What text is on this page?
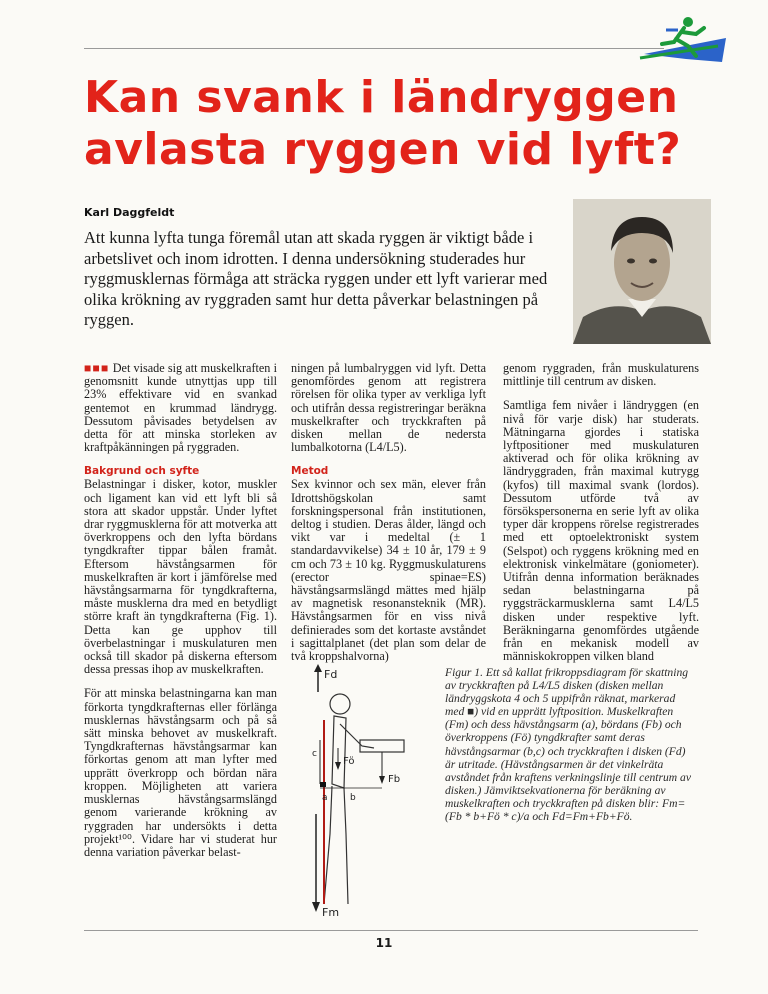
Kan svank i ländryggen
avlasta ryggen vid lyft?
Karl Daggfeldt
Att kunna lyfta tunga föremål utan att skada ryggen är viktigt både i arbetslivet och inom idrotten. I denna undersökning studerades hur ryggmusklernas förmåga att sträcka ryggen under ett lyft varierar med olika krökning av ryggraden samt hur detta påverkar belastningen på ryggen.

■■■ Det visade sig att muskelkraften i genomsnitt kunde utnyttjas upp till 23% effektivare vid en svankad gentemot en krummad ländrygg. Dessutom påvisades betydelsen av detta för att minska storleken av kraftpåkänningen på ryggraden.

Bakgrund och syfte

Belastningar i disker, kotor, muskler och ligament kan vid ett lyft bli så stora att skador uppstår. Under lyftet drar ryggmusklerna för att motverka att överkroppens och den lyfta bördans tyngdkrafter tippar bålen framåt. Eftersom hävstångsarmen för muskelkraften är kort i jämförelse med hävstångsarmarna för tyngdkrafterna, måste musklerna dra med en betydligt större kraft än tyngdkrafterna (Fig. 1). Detta kan ge upphov till överbelastningar i muskulaturen men också till skador på diskerna eftersom dessa pressas ihop av muskelkraften.

För att minska belastningarna kan man förkorta tyngdkrafternas eller förlänga musklernas hävstångsarm och på så sätt minska behovet av muskelkraft. Tyngdkrafternas hävstångsarmar kan förkortas genom att man lyfter med upprätt överkropp och bördan nära kroppen. Möjligheten att variera musklernas hävstångsarmslängd genom varierande krökning av ryggraden har undersökts i detta projekt¹⁰⁰. Vidare har vi studerat hur denna variation påverkar belast-

ningen på lumbalryggen vid lyft. Detta genomfördes genom att registrera rörelsen för olika typer av verkliga lyft och utifrån dessa registreringar beräkna muskelkrafter och tryckkraften på disken mellan de nedersta lumbalkotorna (L4/L5).

Metod

Sex kvinnor och sex män, elever från Idrottshögskolan samt forskningspersonal från institutionen, deltog i studien. Deras ålder, längd och vikt var i medeltal (± 1 standardavvikelse) 34 ± 10 år, 179 ± 9 cm och 73 ± 10 kg. Ryggmuskulaturens (erector spinae=ES) hävstångsarmslängd mättes med hjälp av magnetisk resonansteknik (MR). Hävstångsarmen för en viss nivå definierades som det kortaste avståndet i sagittalplanet (det plan som delar de två kroppshalvorna)

genom ryggraden, från muskulaturens mittlinje till centrum av disken.

Samtliga fem nivåer i ländryggen (en nivå för varje disk) har studerats. Mätningarna gjordes i statiska lyftpositioner med muskulaturen aktiverad och för olika krökning av ländryggraden, från maximal kutrygg (kyfos) till maximal svank (lordos). Dessutom utförde två av försökspersonerna en serie lyft av olika typer där kroppens rörelse registrerades med ett optoelektroniskt system (Selspot) och ryggens krökning med en elektronisk vinkelmätare (goniometer). Utifrån denna information beräknades sedan belastningarna på ryggsträckarmusklerna samt L4/L5 disken under respektive lyft. Beräkningarna genomfördes utgående från en mekanisk modell av människokroppen vilken bland

Fd
Fö
Fb
a b
c
Fm
Figur 1. Ett så kallat frikroppsdiagram för skattning av tryckkraften på L4/L5 disken (disken mellan ländryggskota 4 och 5 uppifrån räknat, markerad med ■) vid en upprätt lyftposition. Muskelkraften (Fm) och dess hävstångsarm (a), bördans (Fb) och överkroppens (Fö) tyngdkrafter samt deras hävstångsarmar (b,c) och tryckkraften i disken (Fd) är utritade. (Hävstångsarmen är det vinkelräta avståndet från kraftens verkningslinje till centrum av disken.) Jämviktsekvationerna för beräkning av muskelkraften och tryckkraften på disken blir: Fm=(Fb * b+Fö * c)/a och Fd=Fm+Fb+Fö.
11
